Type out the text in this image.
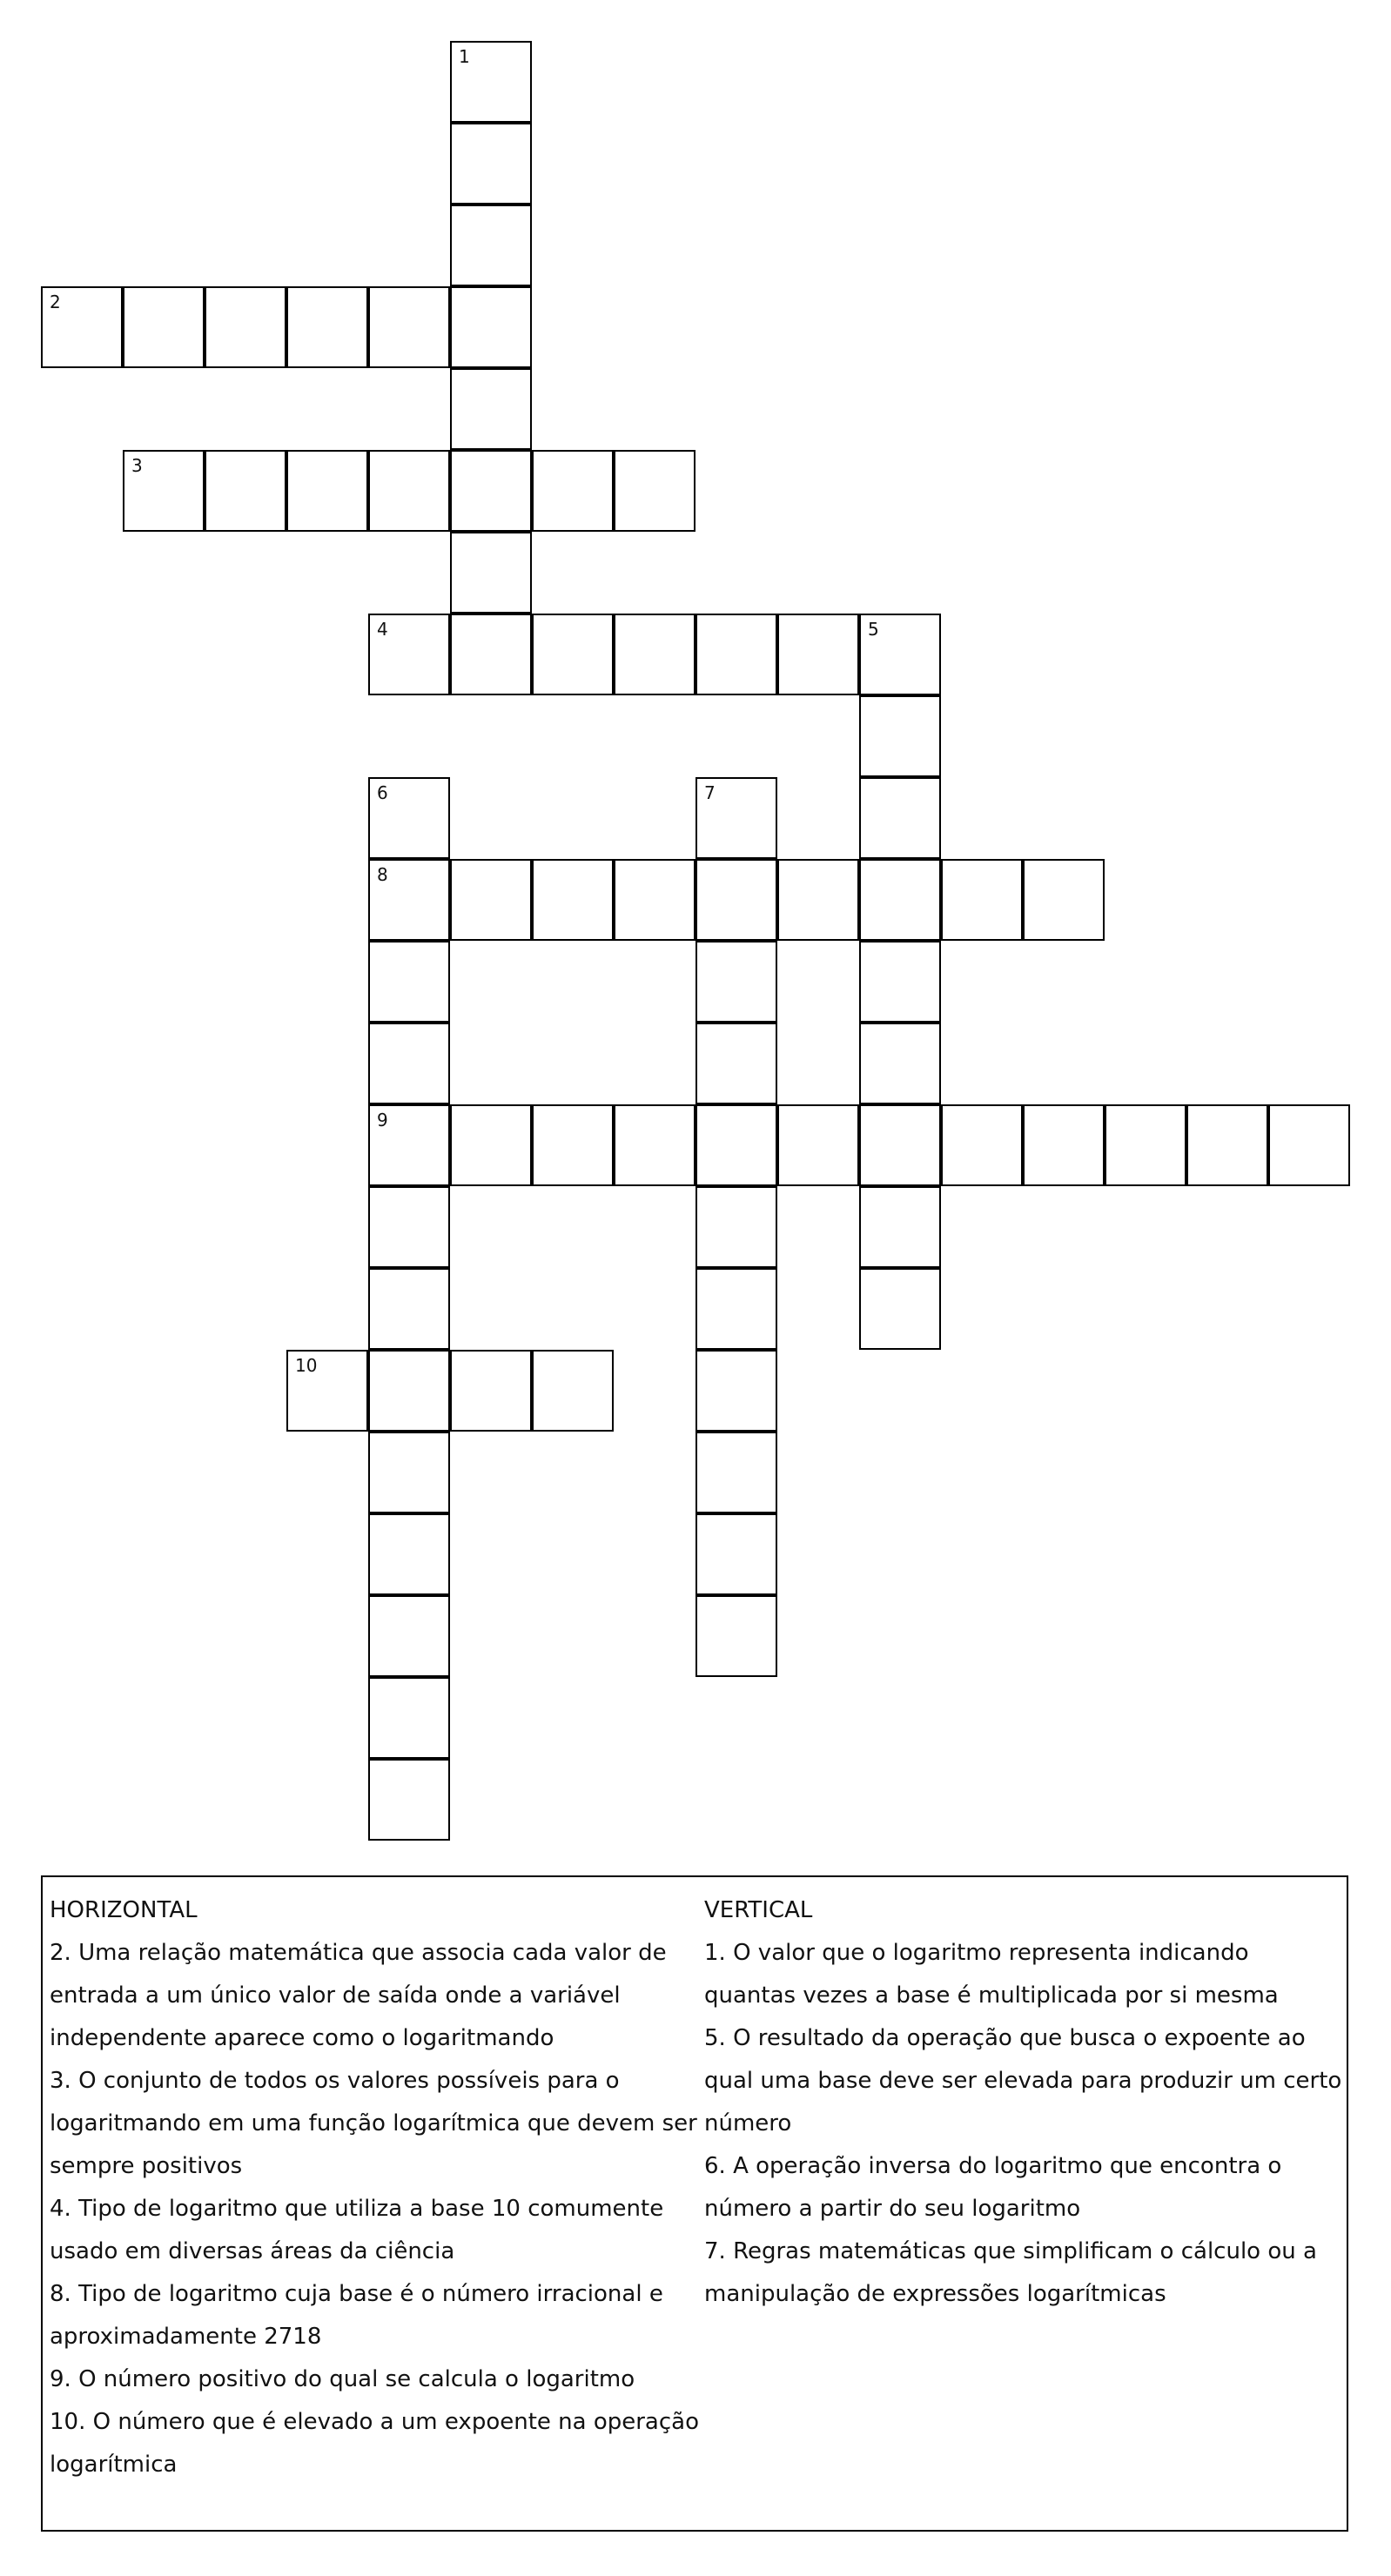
1
2
3
4	5
6
8
9
7
10
HORIZONTAL
2. Uma relação matemática que associa cada valor de entrada a um único valor de saída onde a variável independente aparece como o logaritmando
3. O conjunto de todos os valores possíveis para o logaritmando em uma função logarítmica que devem ser sempre positivos
4. Tipo de logaritmo que utiliza a base 10 comumente usado em diversas áreas da ciência
8. Tipo de logaritmo cuja base é o número irracional e aproximadamente 2718
9. O número positivo do qual se calcula o logaritmo
10. O número que é elevado a um expoente na operação logarítmica
VERTICAL
1. O valor que o logaritmo representa indicando quantas vezes a base é multiplicada por si mesma
5. O resultado da operação que busca o expoente ao qual uma base deve ser elevada para produzir um certo número
6. A operação inversa do logaritmo que encontra o número a partir do seu logaritmo
7. Regras matemáticas que simplificam o cálculo ou a manipulação de expressões logarítmicas
